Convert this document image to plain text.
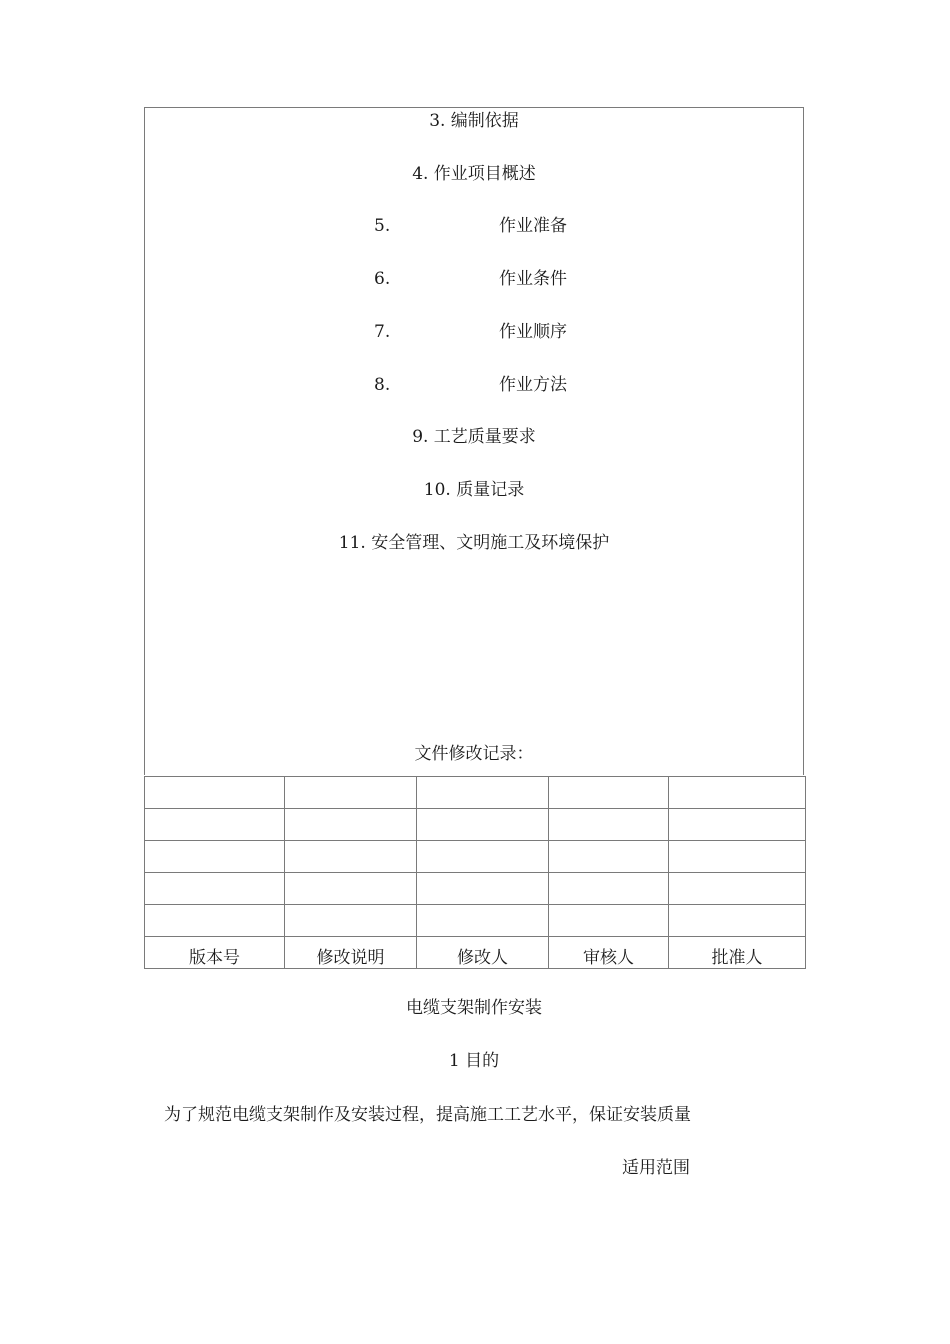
3. 编制依据
4. 作业项目概述
5.	作业准备
6.	作业条件
7.	作业顺序
8.	作业方法
9. 工艺质量要求
10. 质量记录
11. 安全管理、文明施工及环境保护
文件修改记录：

版本号	修改说明	修改人	审核人	批准人
电缆支架制作安装
1 目的
为了规范电缆支架制作及安装过程，提高施工工艺水平，保证安装质量
适用范围
